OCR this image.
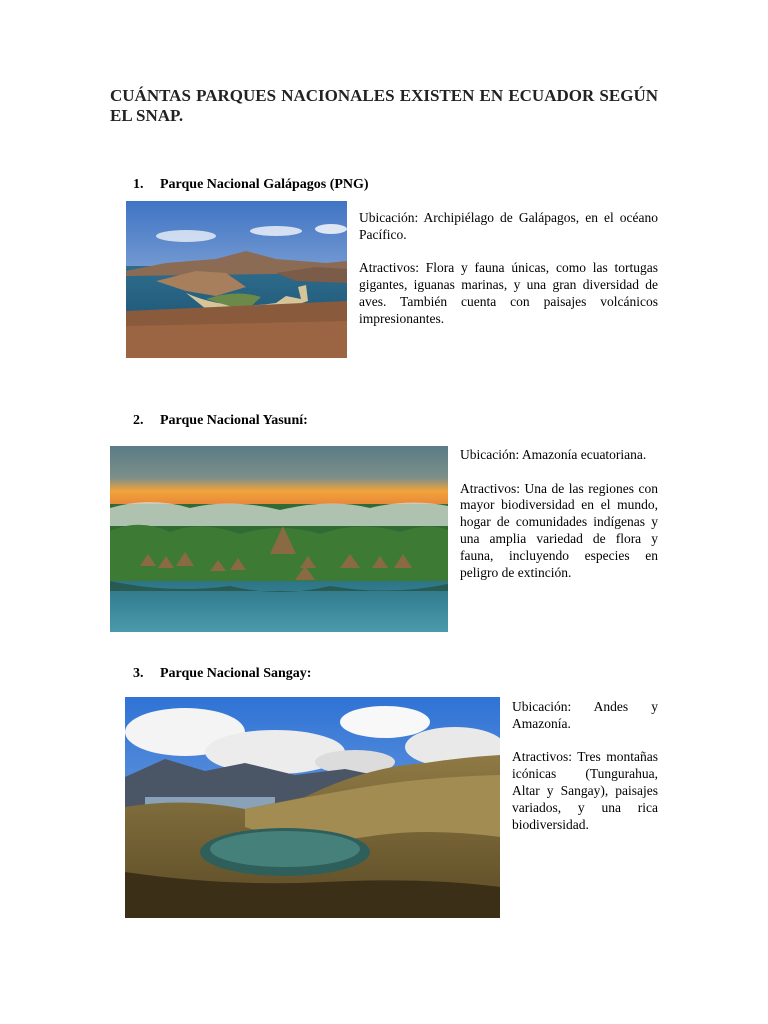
CUÁNTAS PARQUES NACIONALES EXISTEN EN ECUADOR SEGÚN EL SNAP.
1. Parque Nacional Galápagos (PNG)

Ubicación: Archipiélago de Galápagos, en el océano Pacífico.

Atractivos: Flora y fauna únicas, como las tortugas gigantes, iguanas marinas, y una gran diversidad de aves. También cuenta con paisajes volcánicos impresionantes.

2. Parque Nacional Yasuní:

Ubicación: Amazonía ecuatoriana.

Atractivos: Una de las regiones con mayor biodiversidad en el mundo, hogar de comunidades indígenas y una amplia variedad de flora y fauna, incluyendo especies en peligro de extinción.

3. Parque Nacional Sangay:

Ubicación: Andes y Amazonía.

Atractivos: Tres montañas icónicas (Tungurahua, Altar y Sangay), paisajes variados, y una rica biodiversidad.
